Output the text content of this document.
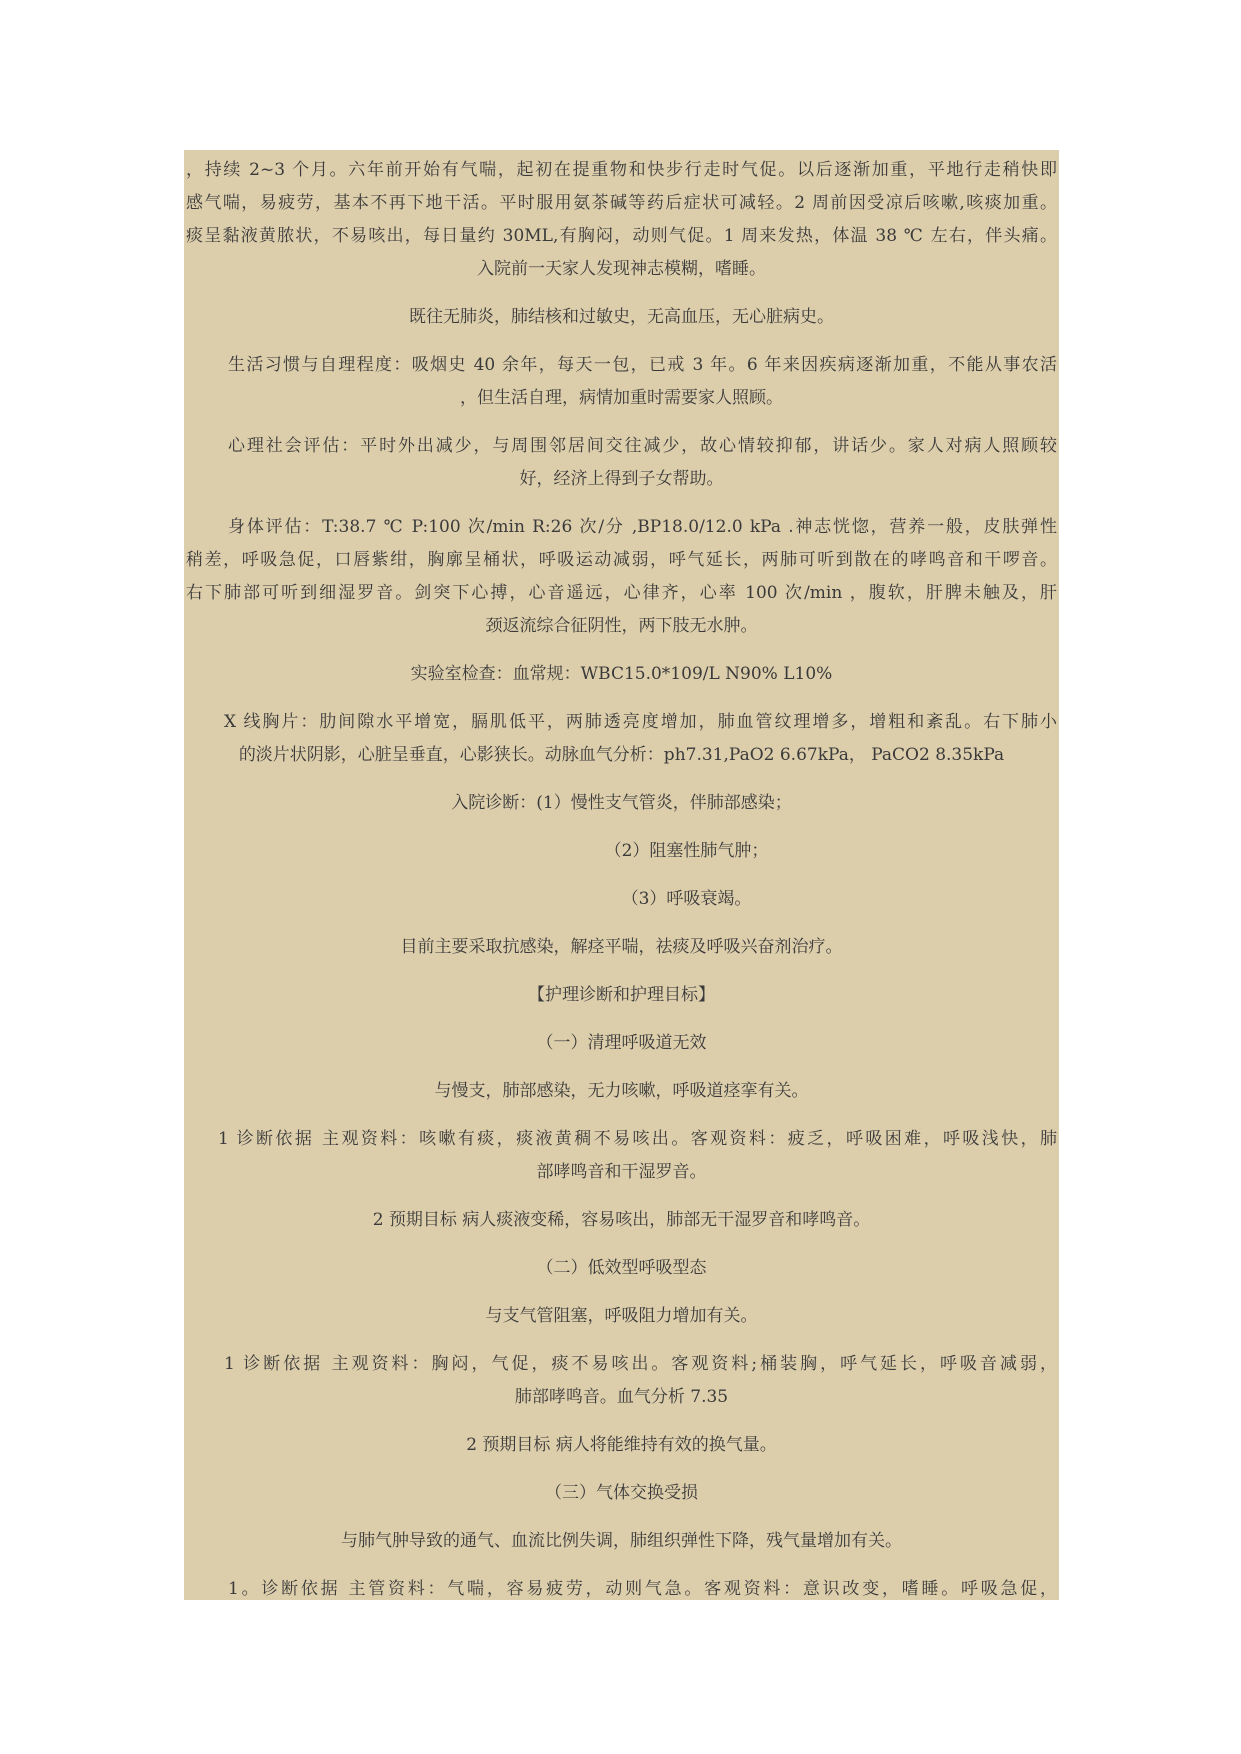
，持续 2~3 个月。六年前开始有气喘，起初在提重物和快步行走时气促。以后逐渐加重，平地行走稍快即
感气喘，易疲劳，基本不再下地干活。平时服用氨茶碱等药后症状可减轻。2 周前因受凉后咳嗽,咳痰加重。
痰呈黏液黄脓状，不易咳出，每日量约 30ML,有胸闷，动则气促。1 周来发热，体温 38 ℃ 左右，伴头痛。
入院前一天家人发现神志模糊，嗜睡。
既往无肺炎，肺结核和过敏史，无高血压，无心脏病史。
生活习惯与自理程度：吸烟史 40 余年，每天一包，已戒 3 年。6 年来因疾病逐渐加重，不能从事农活
，但生活自理，病情加重时需要家人照顾。
心理社会评估：平时外出减少，与周围邻居间交往减少，故心情较抑郁，讲话少。家人对病人照顾较
好，经济上得到子女帮助。
身体评估：T:38.7 ℃ P:100 次/min R:26 次/分 ,BP18.0/12.0 kPa .神志恍惚，营养一般，皮肤弹性
稍差，呼吸急促，口唇紫绀，胸廓呈桶状，呼吸运动减弱，呼气延长，两肺可听到散在的哮鸣音和干啰音。
右下肺部可听到细湿罗音。剑突下心搏，心音遥远，心律齐，心率 100 次/min ，腹软，肝脾未触及，肝
颈返流综合征阴性，两下肢无水肿。
实验室检查：血常规：WBC15.0*109/L N90% L10%
X 线胸片：肋间隙水平增宽，膈肌低平，两肺透亮度增加，肺血管纹理增多，增粗和紊乱。右下肺小
的淡片状阴影，心脏呈垂直，心影狭长。动脉血气分析：ph7.31,PaO2 6.67kPa， PaCO2 8.35kPa
入院诊断：(1）慢性支气管炎，伴肺部感染；
（2）阻塞性肺气肿；
（3）呼吸衰竭。
目前主要采取抗感染，解痉平喘，祛痰及呼吸兴奋剂治疗。
【护理诊断和护理目标】
（一）清理呼吸道无效
与慢支，肺部感染，无力咳嗽，呼吸道痉挛有关。
1 诊断依据 主观资料：咳嗽有痰，痰液黄稠不易咳出。客观资料：疲乏，呼吸困难，呼吸浅快，肺
部哮鸣音和干湿罗音。
2 预期目标 病人痰液变稀，容易咳出，肺部无干湿罗音和哮鸣音。
（二）低效型呼吸型态
与支气管阻塞，呼吸阻力增加有关。
1 诊断依据 主观资料：胸闷，气促，痰不易咳出。客观资料;桶装胸，呼气延长，呼吸音减弱，
肺部哮鸣音。血气分析 7.35
2 预期目标 病人将能维持有效的换气量。
（三）气体交换受损
与肺气肿导致的通气、血流比例失调，肺组织弹性下降，残气量增加有关。
1。诊断依据 主管资料：气喘，容易疲劳，动则气急。客观资料：意识改变，嗜睡。呼吸急促，
